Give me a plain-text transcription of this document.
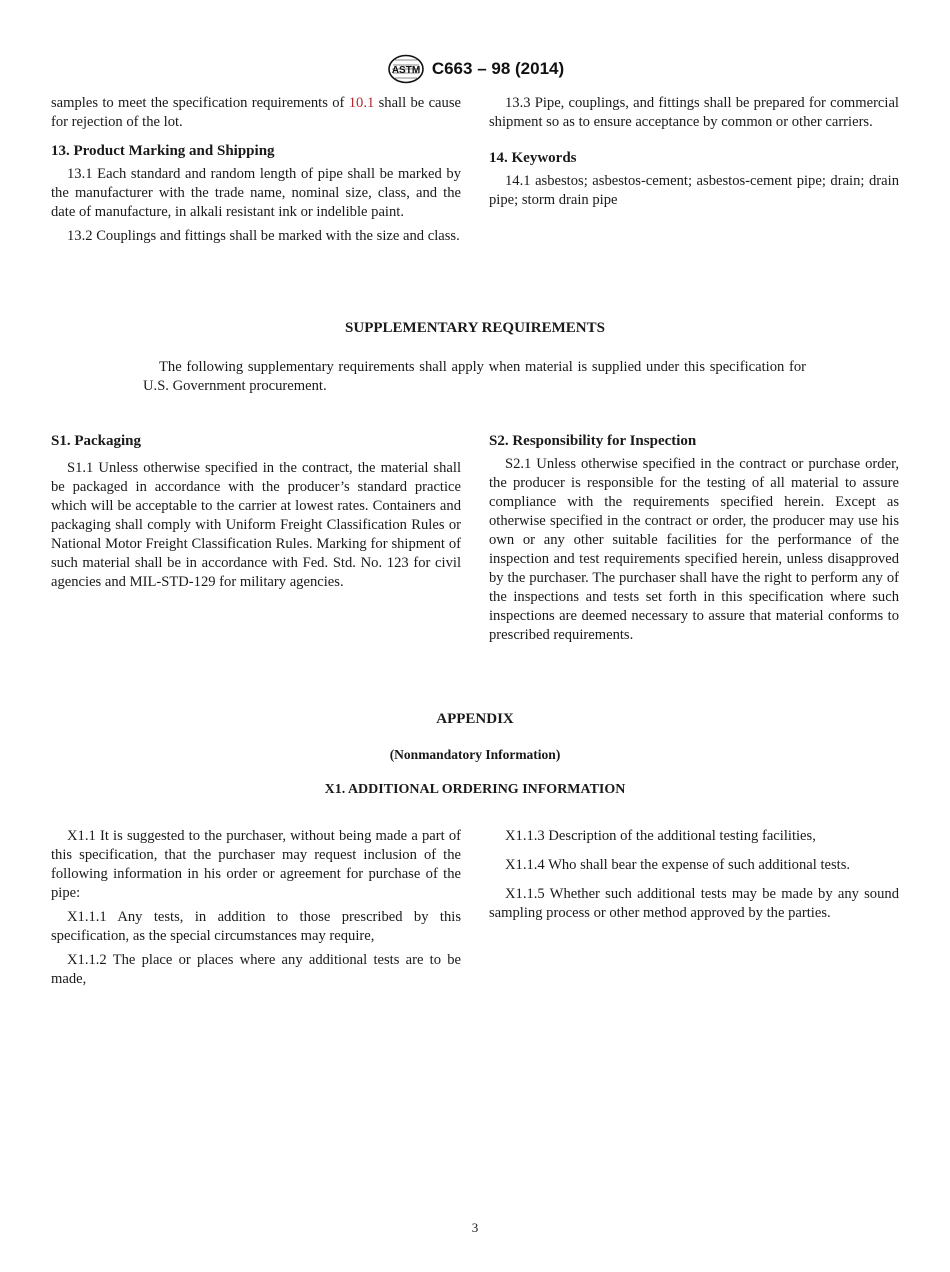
ASTM C663 – 98 (2014)

samples to meet the specification requirements of 10.1 shall be cause for rejection of the lot.

13. Product Marking and Shipping

13.1 Each standard and random length of pipe shall be marked by the manufacturer with the trade name, nominal size, class, and the date of manufacture, in alkali resistant ink or indelible paint.

13.2 Couplings and fittings shall be marked with the size and class.

13.3 Pipe, couplings, and fittings shall be prepared for commercial shipment so as to ensure acceptance by common or other carriers.

14. Keywords

14.1 asbestos; asbestos-cement; asbestos-cement pipe; drain; drain pipe; storm drain pipe

SUPPLEMENTARY REQUIREMENTS

The following supplementary requirements shall apply when material is supplied under this specification for U.S. Government procurement.

S1. Packaging

S1.1 Unless otherwise specified in the contract, the material shall be packaged in accordance with the producer’s standard practice which will be acceptable to the carrier at lowest rates. Containers and packaging shall comply with Uniform Freight Classification Rules or National Motor Freight Classification Rules. Marking for shipment of such material shall be in accordance with Fed. Std. No. 123 for civil agencies and MIL-STD-129 for military agencies.

S2. Responsibility for Inspection

S2.1 Unless otherwise specified in the contract or purchase order, the producer is responsible for the testing of all material to assure compliance with the requirements specified herein. Except as otherwise specified in the contract or order, the producer may use his own or any other suitable facilities for the performance of the inspection and test requirements specified herein, unless disapproved by the purchaser. The purchaser shall have the right to perform any of the inspections and tests set forth in this specification where such inspections are deemed necessary to assure that material conforms to prescribed requirements.

APPENDIX
(Nonmandatory Information)
X1. ADDITIONAL ORDERING INFORMATION

X1.1 It is suggested to the purchaser, without being made a part of this specification, that the purchaser may request inclusion of the following information in his order or agreement for purchase of the pipe:

X1.1.1 Any tests, in addition to those prescribed by this specification, as the special circumstances may require,

X1.1.2 The place or places where any additional tests are to be made,

X1.1.3 Description of the additional testing facilities,

X1.1.4 Who shall bear the expense of such additional tests.

X1.1.5 Whether such additional tests may be made by any sound sampling process or other method approved by the parties.

3
